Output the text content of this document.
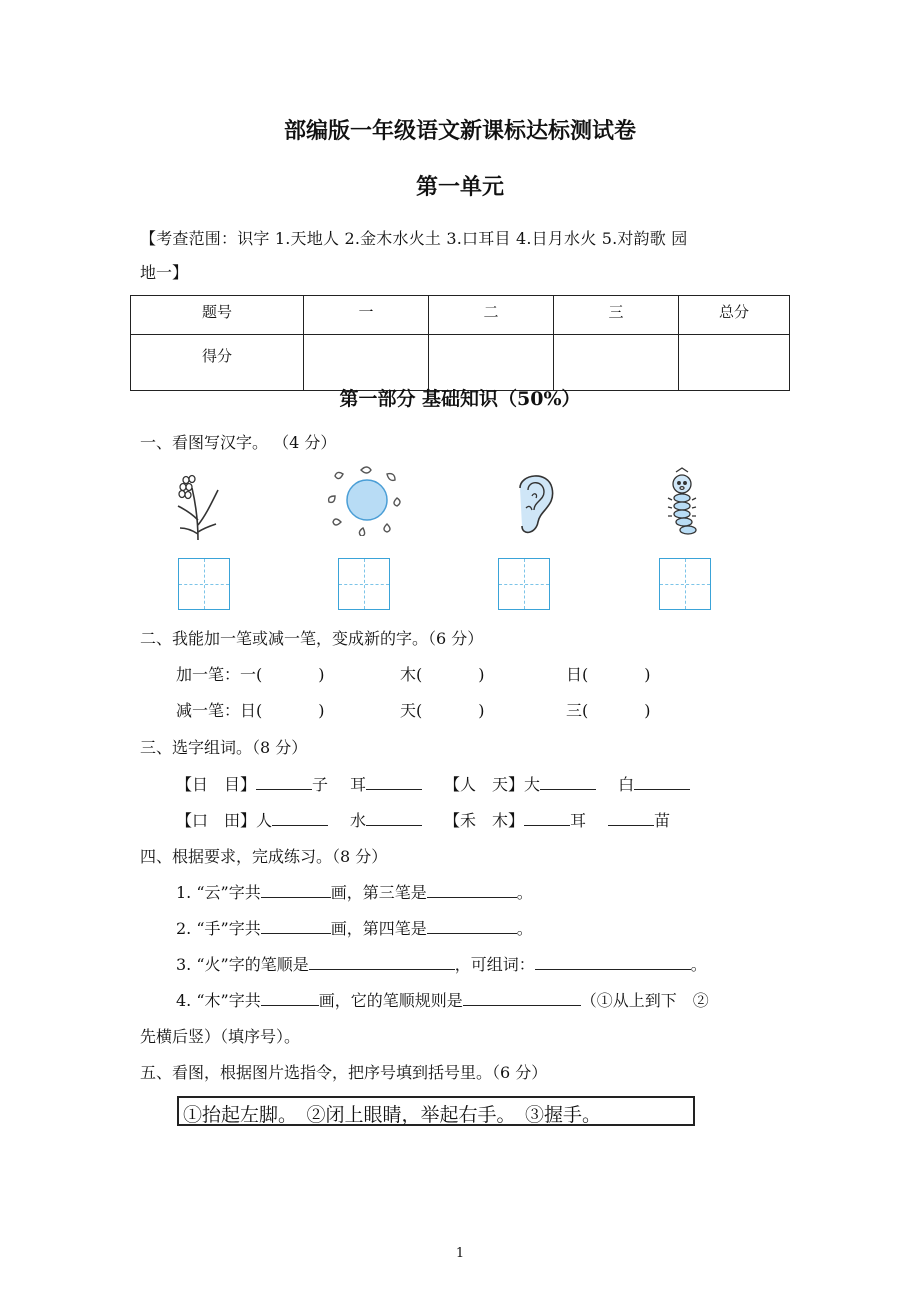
部编版一年级语文新课标达标测试卷
第一单元
【考查范围：识字 1.天地人 2.金木水火土 3.口耳目 4.日月水火 5.对韵歌 园
地一】
题号	一	二	三	总分
得分				
第一部分 基础知识（50%）
一、看图写汉字。 （4 分）
二、我能加一笔或减一笔，变成新的字。（6 分）
加一笔：一(	)	木(	)	日(	)
减一笔：日(	)	天(	)	三(	)
三、选字组词。（8 分）
【日　目】	子 耳	【人　天】大	白
【口　田】人	水	【禾　木】	耳	苗
四、根据要求，完成练习。（8 分）
1. “云”字共	画，第三笔是	。
2. “手”字共	画，第四笔是	。
3. “火”字的笔顺是	，可组词：	。
4. “木”字共	画，它的笔顺规则是	（①从上到下　②
先横后竖）（填序号）。
五、看图，根据图片选指令，把序号填到括号里。（6 分）
①抬起左脚。　②闭上眼睛，举起右手。　③握手。
1
